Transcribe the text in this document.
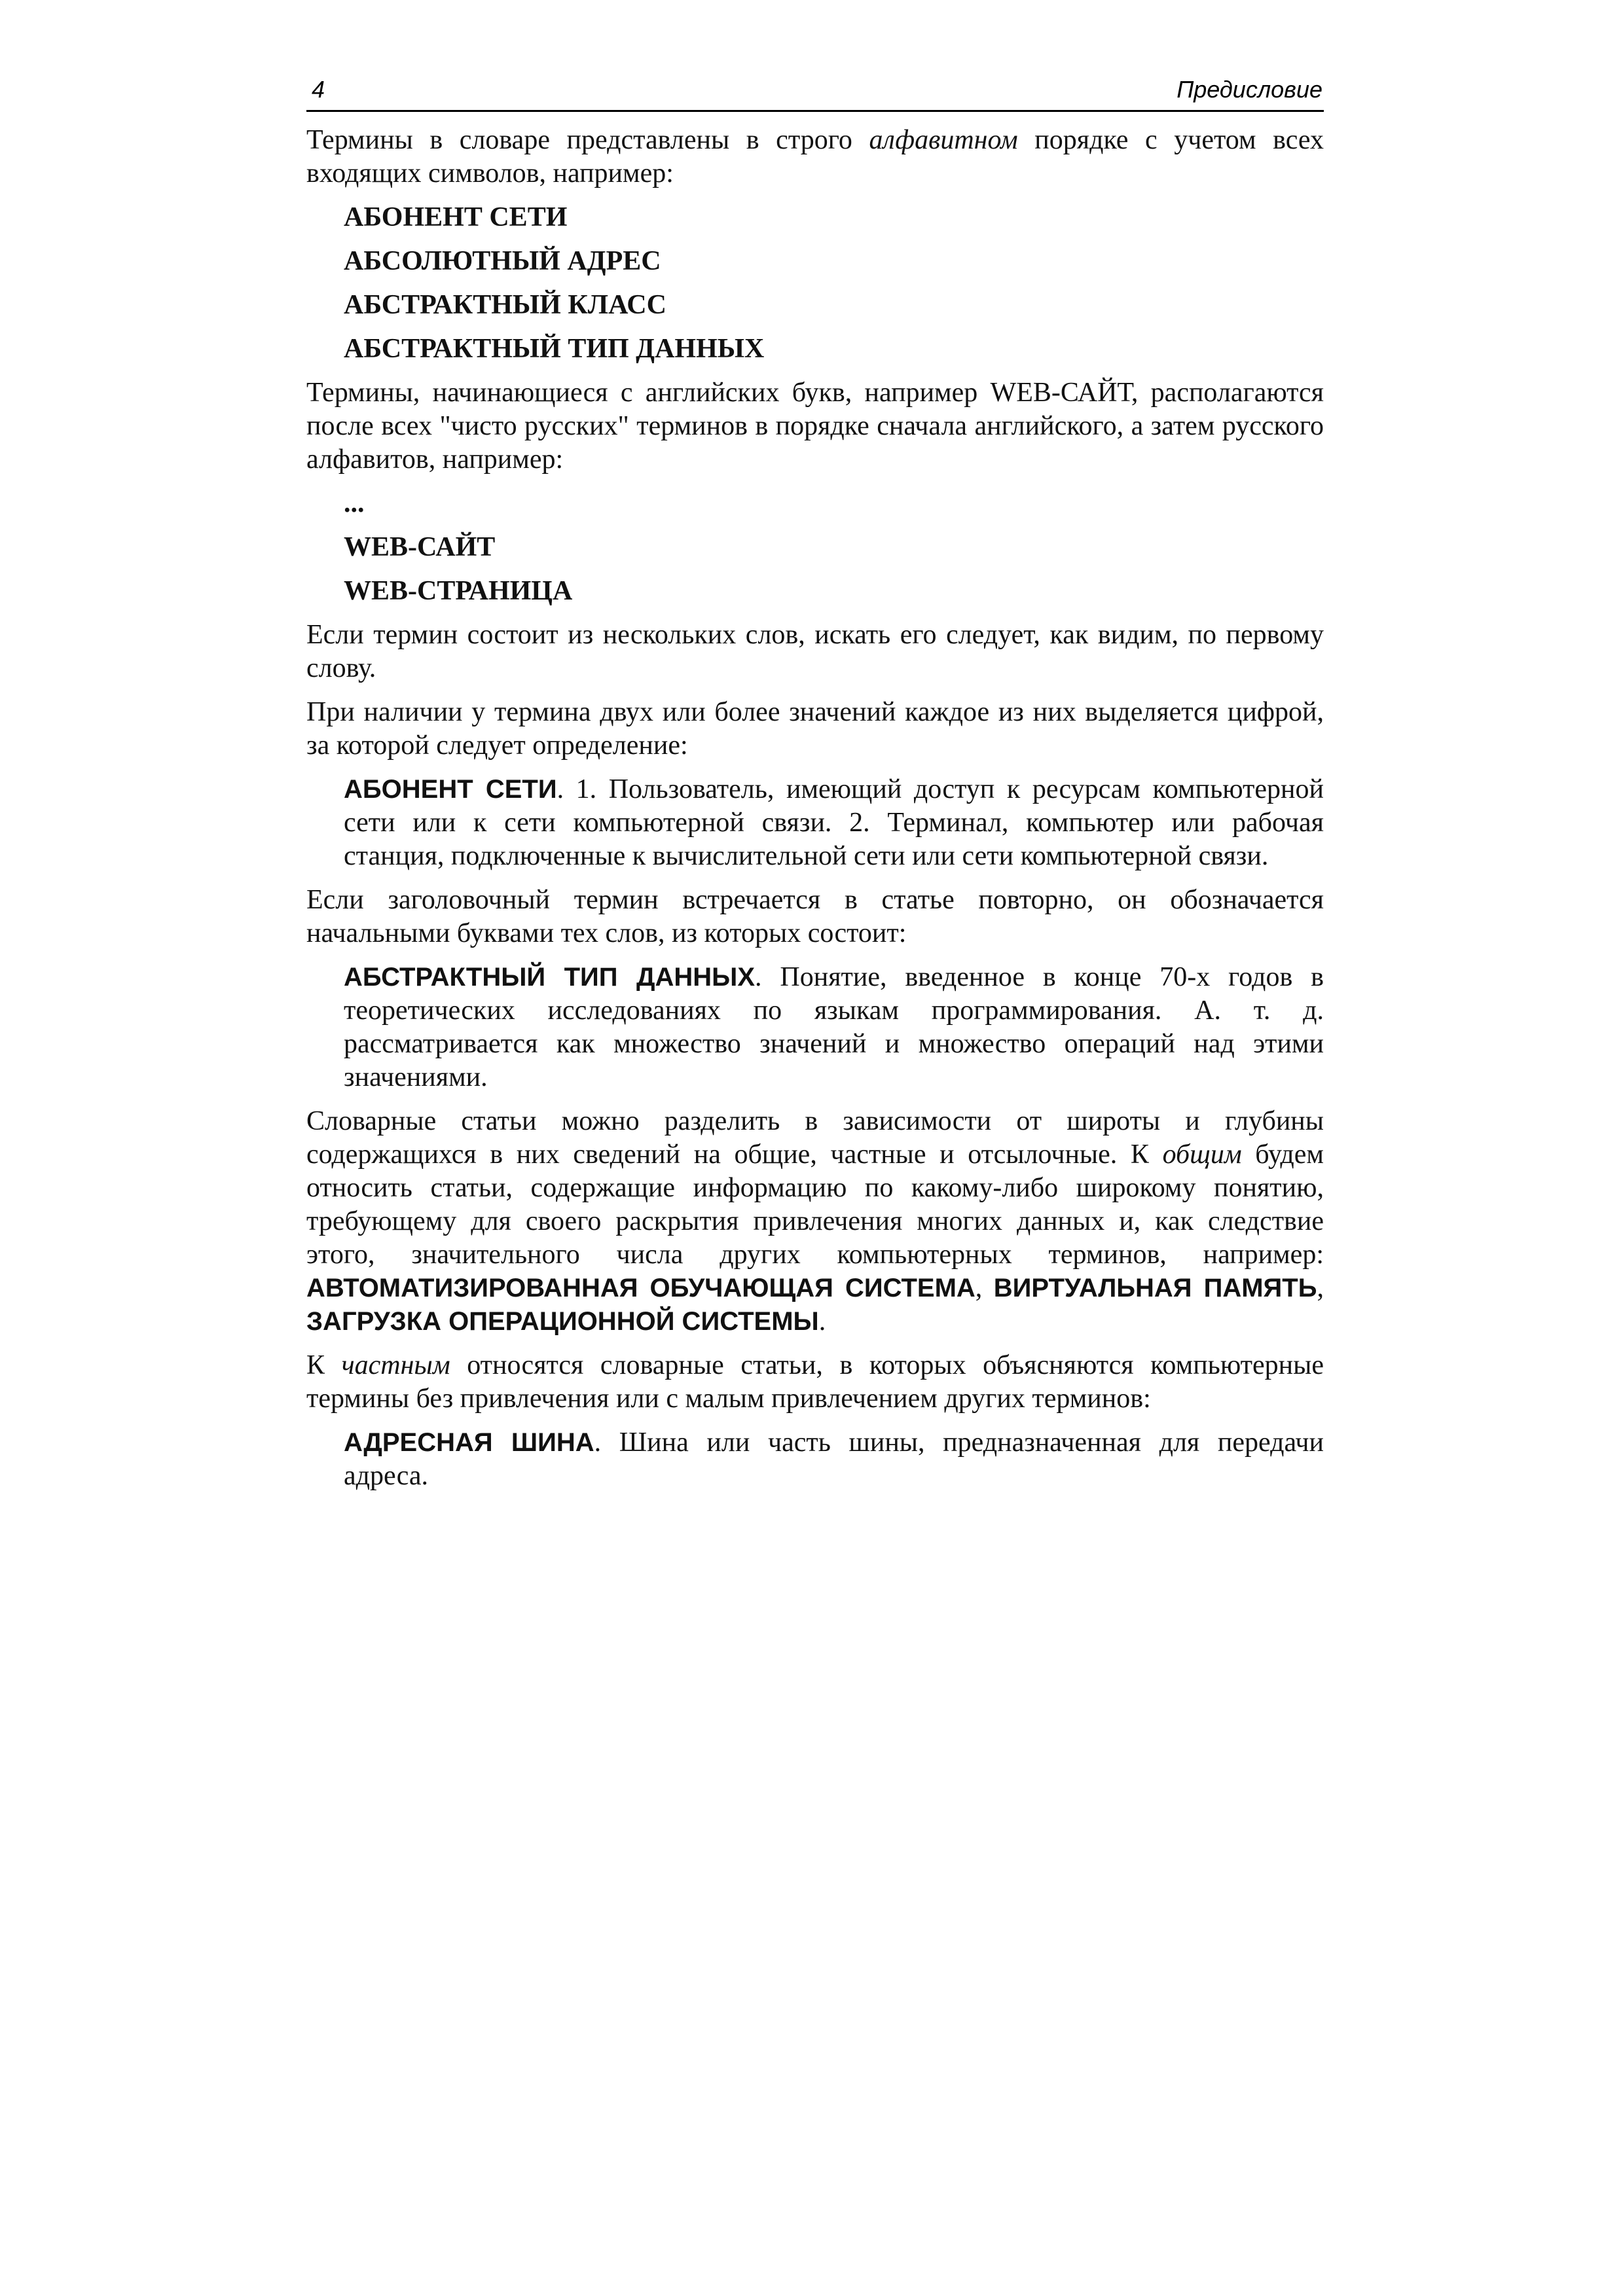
4	Предисловие

Термины в словаре представлены в строго алфавитном порядке с учетом всех входящих символов, например:

АБОНЕНТ СЕТИ
АБСОЛЮТНЫЙ АДРЕС
АБСТРАКТНЫЙ КЛАСС
АБСТРАКТНЫЙ ТИП ДАННЫХ

Термины, начинающиеся с английских букв, например WEB-САЙТ, располагаются после всех "чисто русских" терминов в порядке сначала английского, а затем русского алфавитов, например:

...
WEB-САЙТ
WEB-СТРАНИЦА

Если термин состоит из нескольких слов, искать его следует, как видим, по первому слову.

При наличии у термина двух или более значений каждое из них выделяется цифрой, за которой следует определение:

АБОНЕНТ СЕТИ. 1. Пользователь, имеющий доступ к ресурсам компьютерной сети или к сети компьютерной связи. 2. Терминал, компьютер или рабочая станция, подключенные к вычислительной сети или сети компьютерной связи.

Если заголовочный термин встречается в статье повторно, он обозначается начальными буквами тех слов, из которых состоит:

АБСТРАКТНЫЙ ТИП ДАННЫХ. Понятие, введенное в конце 70-х годов в теоретических исследованиях по языкам программирования. А. т. д. рассматривается как множество значений и множество операций над этими значениями.

Словарные статьи можно разделить в зависимости от широты и глубины содержащихся в них сведений на общие, частные и отсылочные. К общим будем относить статьи, содержащие информацию по какому-либо широкому понятию, требующему для своего раскрытия привлечения многих данных и, как следствие этого, значительного числа других компьютерных терминов, например: АВТОМАТИЗИРОВАННАЯ ОБУЧАЮЩАЯ СИСТЕМА, ВИРТУАЛЬНАЯ ПАМЯТЬ, ЗАГРУЗКА ОПЕРАЦИОННОЙ СИСТЕМЫ.

К частным относятся словарные статьи, в которых объясняются компьютерные термины без привлечения или с малым привлечением других терминов:

АДРЕСНАЯ ШИНА. Шина или часть шины, предназначенная для передачи адреса.
